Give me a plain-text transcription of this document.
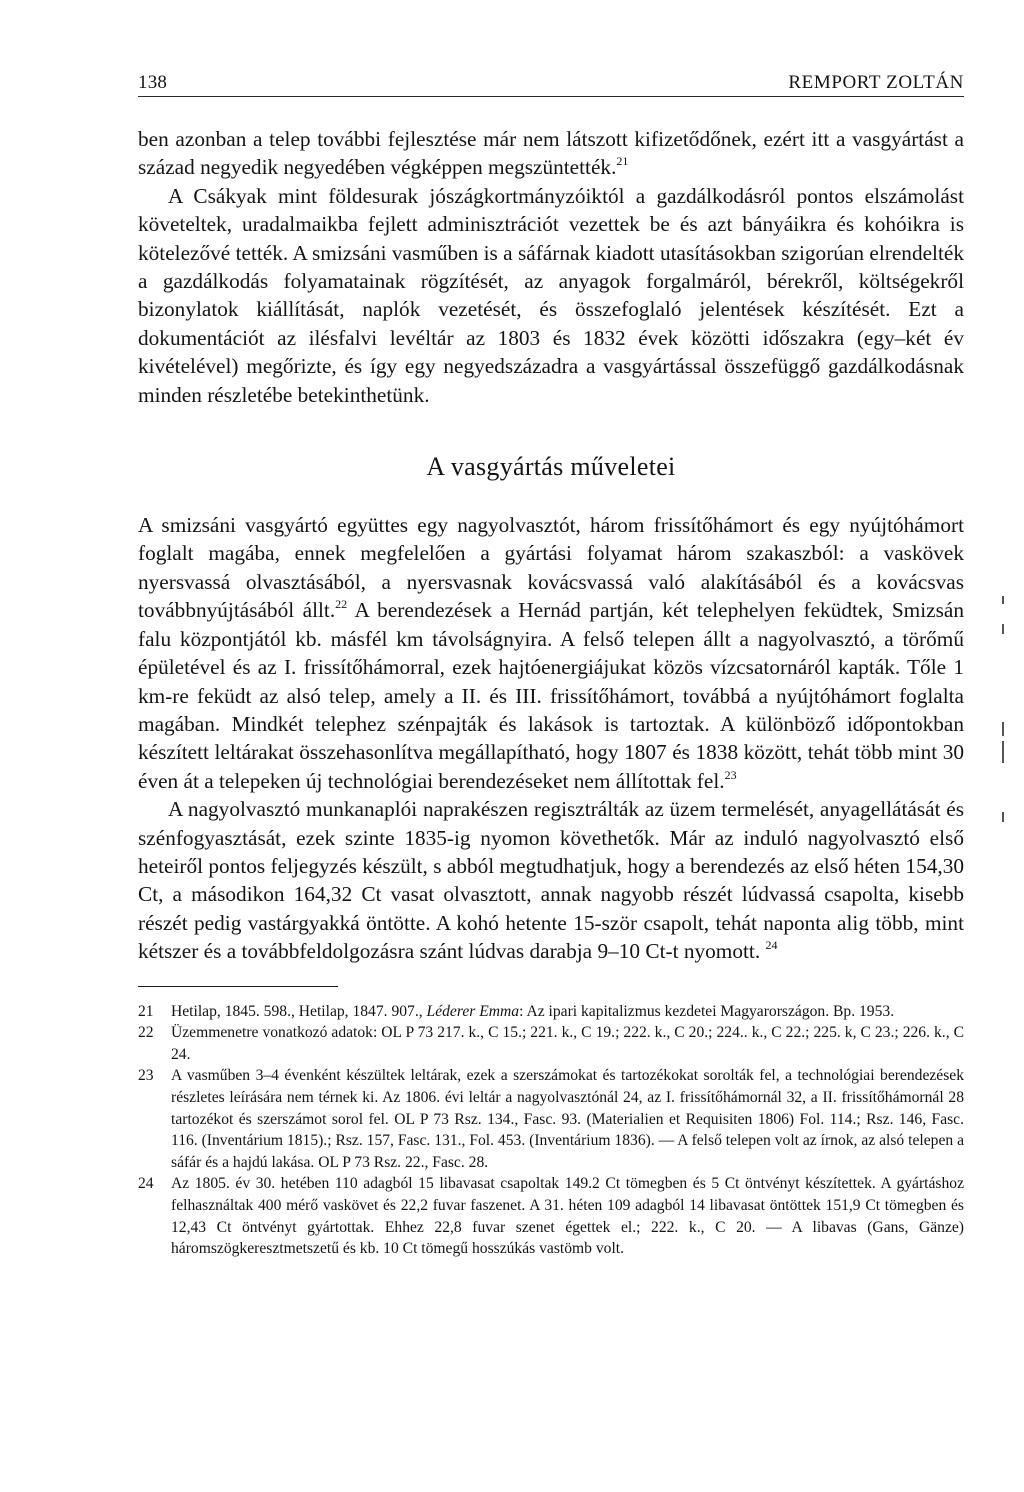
138	REMPORT ZOLTÁN

ben azonban a telep további fejlesztése már nem látszott kifizetődőnek, ezért itt a vasgyártást a század negyedik negyedében végképpen megszüntették.$^{21}$

A Csákyak mint földesurak jószágkortmányzóiktól a gazdálkodásról pontos elszámolást követeltek, uradalmaikba fejlett adminisztrációt vezettek be és azt bányáikra és kohóikra is kötelezővé tették. A smizsáni vasműben is a sáfárnak kiadott utasításokban szigorúan elrendelték a gazdálkodás folyamatainak rögzítését, az anyagok forgalmáról, bérekről, költségekről bizonylatok kiállítását, naplók vezetését, és összefoglaló jelentések készítését. Ezt a dokumentációt az ilésfalvi levéltár az 1803 és 1832 évek közötti időszakra (egy–két év kivételével) megőrizte, és így egy negyedszázadra a vasgyártással összefüggő gazdálkodásnak minden részletébe betekinthetünk.

A vasgyártás műveletei

A smizsáni vasgyártó együttes egy nagyolvasztót, három frissítőhámort és egy nyújtóhámort foglalt magába, ennek megfelelően a gyártási folyamat három szakaszból: a vaskövek nyersvassá olvasztásából, a nyersvasnak kovácsvassá való alakításából és a kovácsvas továbbnyújtásából állt.$^{22}$ A berendezések a Hernád partján, két telephelyen feküdtek, Smizsán falu központjától kb. másfél km távolságnyira. A felső telepen állt a nagyolvasztó, a törőmű épületével és az I. frissítőhámorral, ezek hajtóenergiájukat közös vízcsatornáról kapták. Tőle 1 km-re feküdt az alsó telep, amely a II. és III. frissítőhámort, továbbá a nyújtóhámort foglalta magában. Mindkét telephez szénpajták és lakások is tartoztak. A különböző időpontokban készített leltárakat összehasonlítva megállapítható, hogy 1807 és 1838 között, tehát több mint 30 éven át a telepeken új technológiai berendezéseket nem állítottak fel.$^{23}$

A nagyolvasztó munkanaplói naprakészen regisztrálták az üzem termelését, anyagellátását és szénfogyasztását, ezek szinte 1835-ig nyomon követhetők. Már az induló nagyolvasztó első heteiről pontos feljegyzés készült, s abból megtudhatjuk, hogy a berendezés az első héten 154,30 Ct, a másodikon 164,32 Ct vasat olvasztott, annak nagyobb részét lúdvassá csapolta, kisebb részét pedig vastárgyakká öntötte. A kohó hetente 15-ször csapolt, tehát naponta alig több, mint kétszer és a továbbfeldolgozásra szánt lúdvas darabja 9–10 Ct-t nyomott. $^{24}$

21	Hetilap, 1845. 598., Hetilap, 1847. 907., Léderer Emma: Az ipari kapitalizmus kezdetei Magyarországon. Bp. 1953.
22	Üzemmenetre vonatkozó adatok: OL P 73 217. k., C 15.; 221. k., C 19.; 222. k., C 20.; 224.. k., C 22.; 225. k, C 23.; 226. k., C 24.
23	A vasműben 3–4 évenként készültek leltárak, ezek a szerszámokat és tartozékokat sorolták fel, a technológiai berendezések részletes leírására nem térnek ki. Az 1806. évi leltár a nagyolvasztónál 24, az I. frissítőhámornál 32, a II. frissítőhámornál 28 tartozékot és szerszámot sorol fel. OL P 73 Rsz. 134., Fasc. 93. (Materialien et Requisiten 1806) Fol. 114.; Rsz. 146, Fasc. 116. (Inventárium 1815).; Rsz. 157, Fasc. 131., Fol. 453. (Inventárium 1836). — A felső telepen volt az írnok, az alsó telepen a sáfár és a hajdú lakása. OL P 73 Rsz. 22., Fasc. 28.
24	Az 1805. év 30. hetében 110 adagból 15 libavasat csapoltak 149.2 Ct tömegben és 5 Ct öntvényt készítettek. A gyártáshoz felhasználtak 400 mérő vaskövet és 22,2 fuvar faszenet. A 31. héten 109 adagból 14 libavasat öntöttek 151,9 Ct tömegben és 12,43 Ct öntvényt gyártottak. Ehhez 22,8 fuvar szenet égettek el.; 222. k., C 20. — A libavas (Gans, Gänze) háromszögkeresztmetszetű és kb. 10 Ct tömegű hosszúkás vastömb volt.
